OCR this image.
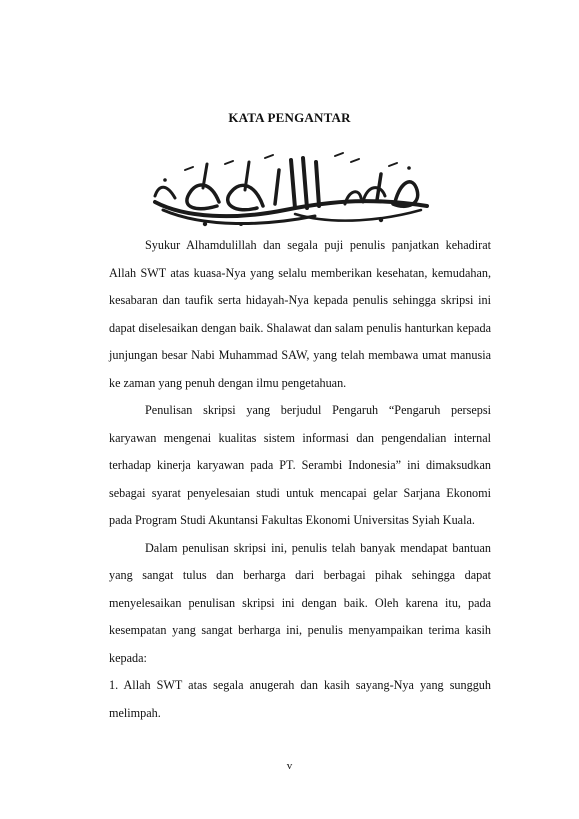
KATA PENGANTAR

Syukur Alhamdulillah dan segala puji penulis panjatkan kehadirat Allah SWT atas kuasa-Nya yang selalu memberikan kesehatan, kemudahan, kesabaran dan taufik serta hidayah-Nya kepada penulis sehingga skripsi ini dapat diselesaikan dengan baik. Shalawat dan salam penulis hanturkan kepada junjungan besar Nabi Muhammad SAW, yang telah membawa umat manusia ke zaman yang penuh dengan ilmu pengetahuan.

Penulisan skripsi yang berjudul Pengaruh “Pengaruh persepsi karyawan mengenai kualitas sistem informasi dan pengendalian internal terhadap kinerja karyawan pada PT. Serambi Indonesia” ini dimaksudkan sebagai syarat penyelesaian studi untuk mencapai gelar Sarjana Ekonomi pada Program Studi Akuntansi Fakultas Ekonomi Universitas Syiah Kuala.

Dalam penulisan skripsi ini, penulis telah banyak mendapat bantuan yang sangat tulus dan berharga dari berbagai pihak sehingga dapat menyelesaikan penulisan skripsi ini dengan baik. Oleh karena itu, pada kesempatan yang sangat berharga ini, penulis menyampaikan terima kasih kepada:

1. Allah SWT atas segala anugerah dan kasih sayang-Nya yang sungguh melimpah.

v
